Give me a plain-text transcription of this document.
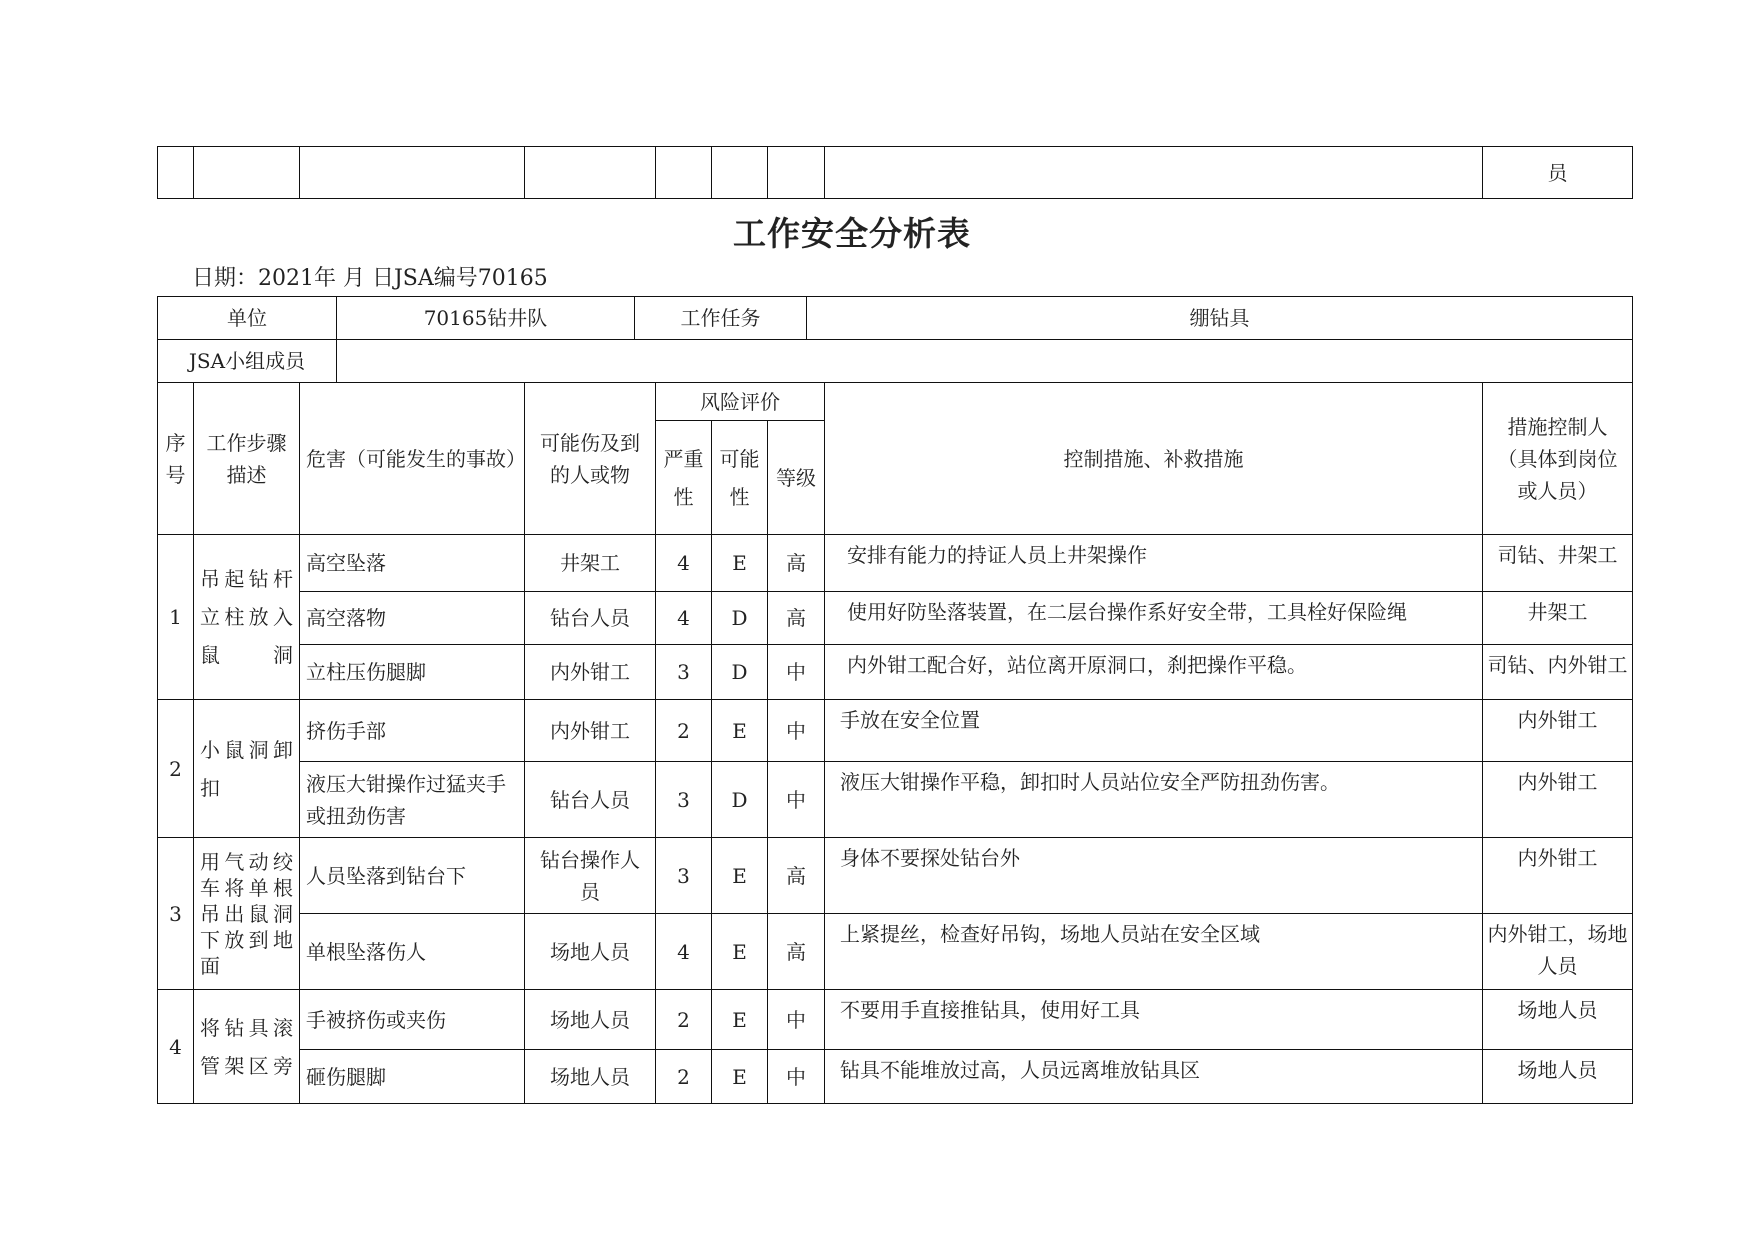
								员
工作安全分析表
日期：2021年 月 日JSA编号70165
单位	70165钻井队	工作任务	绷钻具
JSA小组成员			
序号	工作步骤描述	危害（可能发生的事故）	可能伤及到的人或物	风险评价			控制措施、补救措施	措施控制人（具体到岗位或人员）
				严重性	可能性	等级		
1	吊起钻杆立柱放入鼠洞	高空坠落	井架工	4	E	高	安排有能力的持证人员上井架操作	司钻、井架工
		高空落物	钻台人员	4	D	高	使用好防坠落装置，在二层台操作系好安全带，工具栓好保险绳	井架工
		立柱压伤腿脚	内外钳工	3	D	中	内外钳工配合好，站位离开原洞口，刹把操作平稳。	司钻、内外钳工
2	小鼠洞卸扣	挤伤手部	内外钳工	2	E	中	手放在安全位置	内外钳工
		液压大钳操作过猛夹手或扭劲伤害	钻台人员	3	D	中	液压大钳操作平稳，卸扣时人员站位安全严防扭劲伤害。	内外钳工
3	用气动绞车将单根吊出鼠洞下放到地面	人员坠落到钻台下	钻台操作人员	3	E	高	身体不要探处钻台外	内外钳工
		单根坠落伤人	场地人员	4	E	高	上紧提丝，检查好吊钩，场地人员站在安全区域	内外钳工，场地人员
4	将钻具滚管架区旁	手被挤伤或夹伤	场地人员	2	E	中	不要用手直接推钻具，使用好工具	场地人员
		砸伤腿脚	场地人员	2	E	中	钻具不能堆放过高，人员远离堆放钻具区	场地人员
